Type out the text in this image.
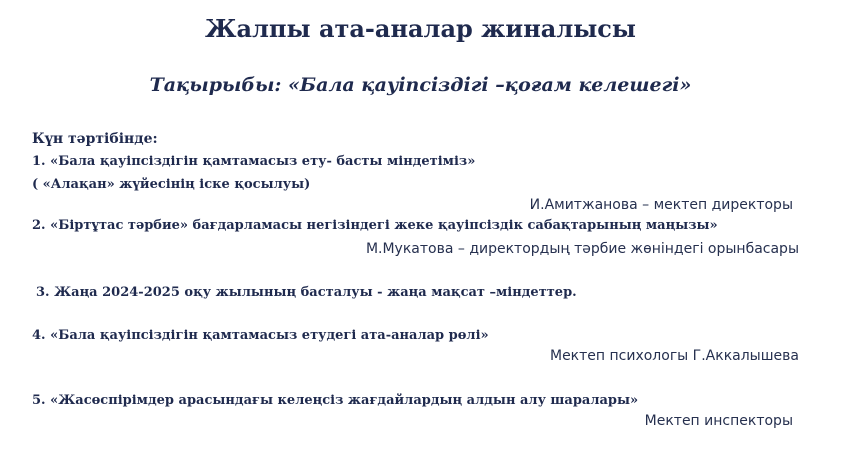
Жалпы ата-аналар жиналысы
Тақырыбы: «Бала қауіпсіздігі –қоғам келешегі»
Күн тәртібінде:
1. «Бала қауіпсіздігін қамтамасыз ету- басты міндетіміз»
( «Алақан» жүйесінің іске қосылуы)
И.Амитжанова – мектеп директоры
2. «Біртұтас тәрбие» бағдарламасы негізіндегі жеке қауіпсіздік сабақтарының маңызы»
М.Мукатова – директордың тәрбие жөніндегі орынбасары
3. Жаңа 2024-2025 оқу жылының басталуы - жаңа мақсат –міндеттер.
4. «Бала қауіпсіздігін қамтамасыз етудегі ата-аналар рөлі»
Мектеп психологы Г.Аккалышева
5. «Жасөспірімдер арасындағы келеңсіз жағдайлардың алдын алу шаралары»
Мектеп инспекторы
